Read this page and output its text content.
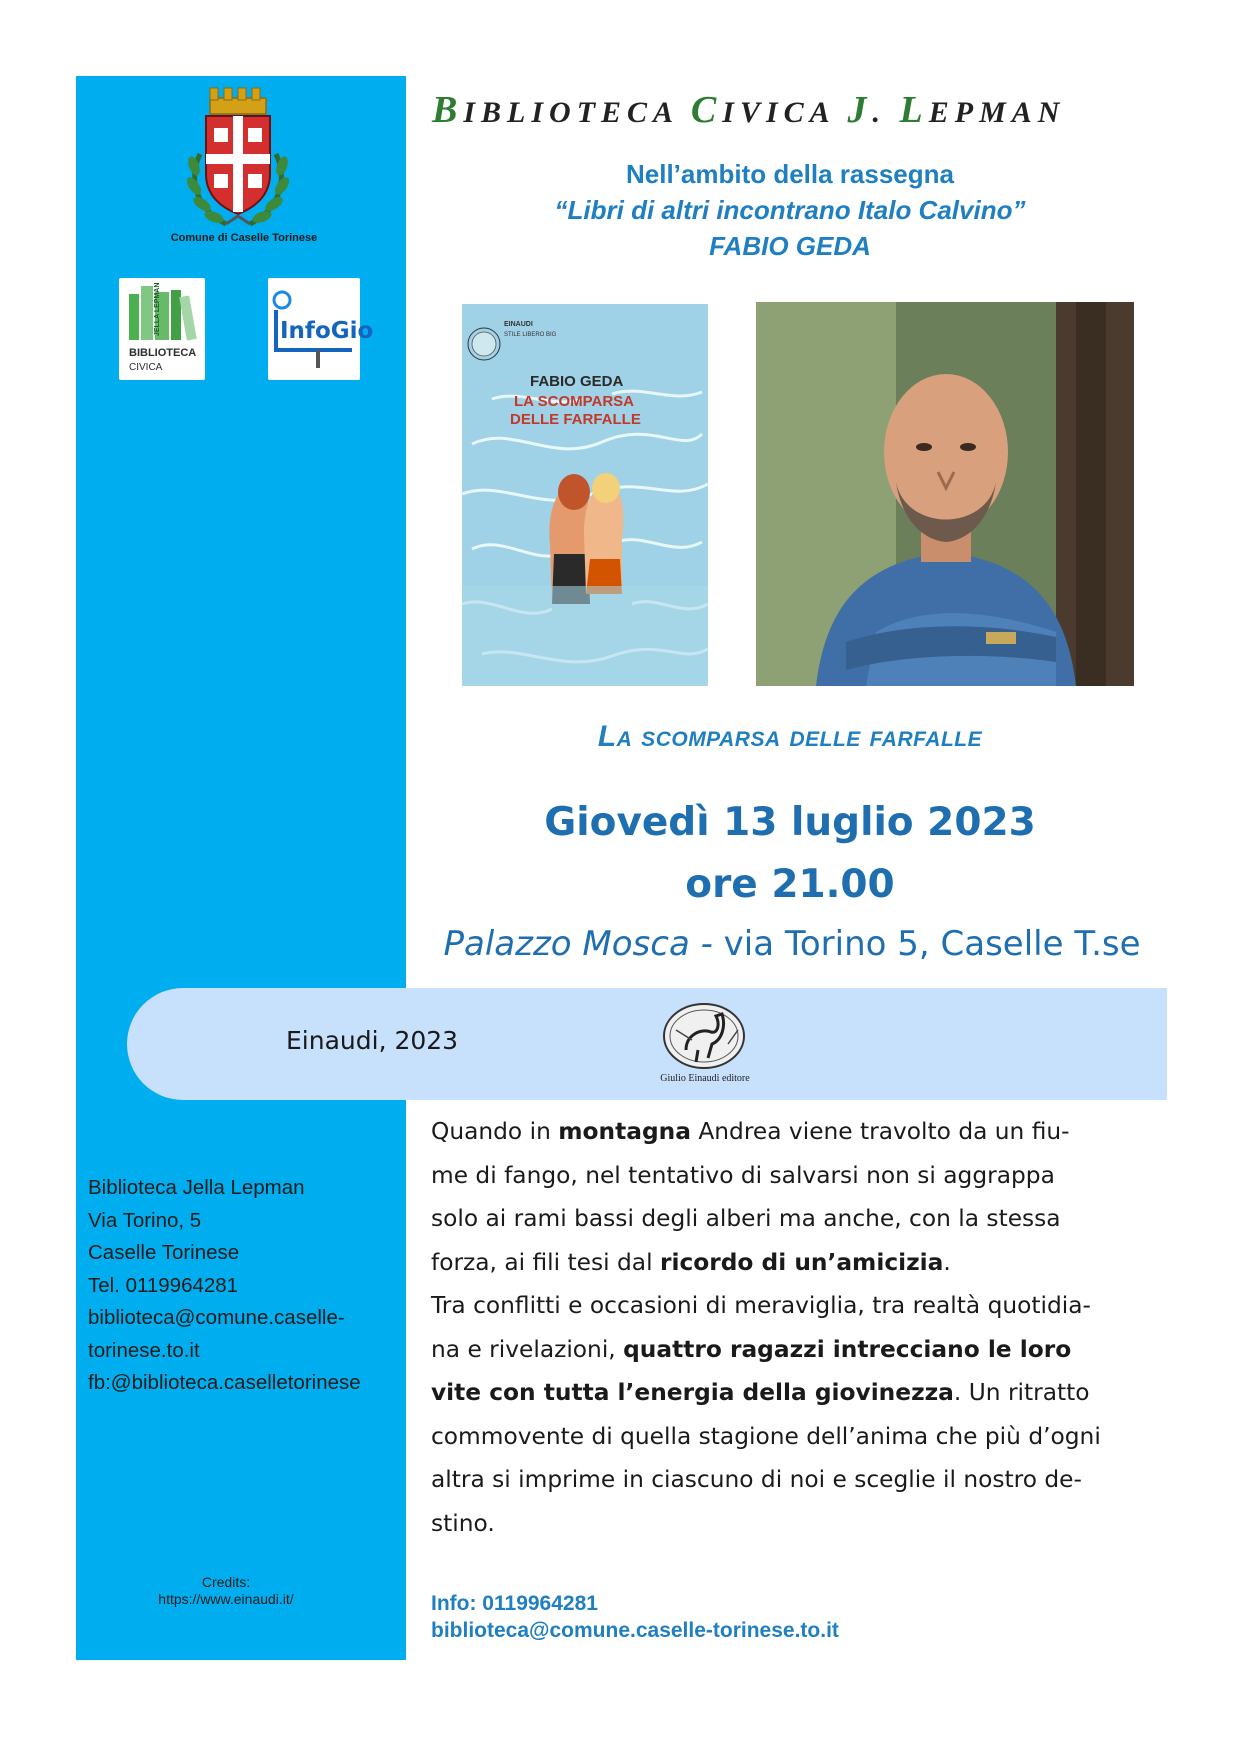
Comune di Caselle Torinese
JELLA LEPMAN
BIBLIOTECA
CIVICA
InfoGio
Biblioteca Jella Lepman
Via Torino, 5
Caselle Torinese
Tel. 0119964281
biblioteca@comune.caselle-
torinese.to.it
fb:@biblioteca.caselletorinese
Credits:
https://www.einaudi.it/
BIBLIOTECA CIVICA J. LEPMAN
Nell’ambito della rassegna
“Libri di altri incontrano Italo Calvino”
FABIO GEDA
EINAUDI
STILE LIBERO BIG
FABIO GEDA
LA SCOMPARSA
DELLE FARFALLE
La scomparsa delle farfalle
Giovedì 13 luglio 2023
ore 21.00
Palazzo Mosca - via Torino 5, Caselle T.se
Einaudi, 2023
Giulio Einaudi editore
Quando in montagna Andrea viene travolto da un fiu-
me di fango, nel tentativo di salvarsi non si aggrappa
solo ai rami bassi degli alberi ma anche, con la stessa
forza, ai fili tesi dal ricordo di un’amicizia.
Tra conflitti e occasioni di meraviglia, tra realtà quotidia-
na e rivelazioni, quattro ragazzi intrecciano le loro
vite con tutta l’energia della giovinezza. Un ritratto
commovente di quella stagione dell’anima che più d’ogni
altra si imprime in ciascuno di noi e sceglie il nostro de-
stino.
Info: 0119964281
biblioteca@comune.caselle-torinese.to.it
